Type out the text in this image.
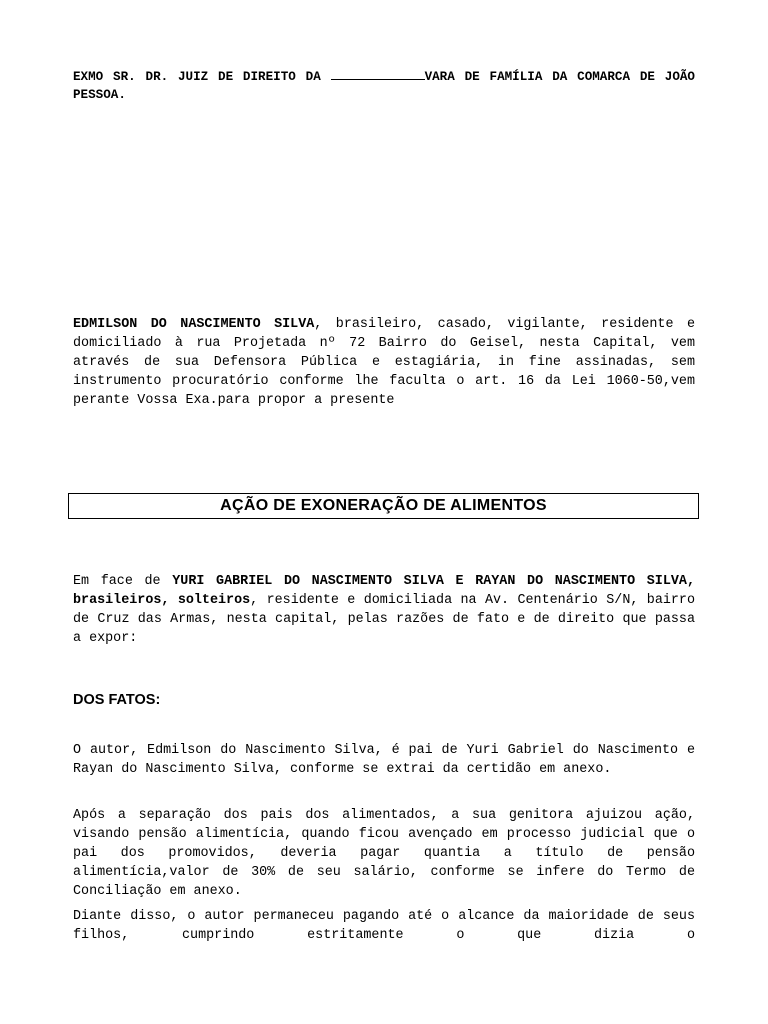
EXMO SR. DR. JUIZ DE DIREITO DA	VARA DE FAMÍLIA DA COMARCA DE JOÃO PESSOA.
EDMILSON DO NASCIMENTO SILVA, brasileiro, casado, vigilante, residente e domiciliado à rua Projetada nº 72 Bairro do Geisel, nesta Capital, vem através de sua Defensora Pública e estagiária, in fine assinadas, sem instrumento procuratório conforme lhe faculta o art. 16 da Lei 1060-50,vem perante Vossa Exa.para propor a presente
AÇÃO DE EXONERAÇÃO DE ALIMENTOS
Em face de YURI GABRIEL DO NASCIMENTO SILVA E RAYAN DO NASCIMENTO SILVA, brasileiros, solteiros, residente e domiciliada na Av. Centenário S/N, bairro de Cruz das Armas, nesta capital, pelas razões de fato e de direito que passa a expor:
DOS FATOS:

O autor, Edmilson do Nascimento Silva, é pai de Yuri Gabriel do Nascimento e Rayan do Nascimento Silva, conforme se extrai da certidão em anexo.

Após a separação dos pais dos alimentados, a sua genitora ajuizou ação, visando pensão alimentícia, quando ficou avençado em processo judicial que o pai dos promovidos, deveria pagar quantia a título de pensão alimentícia,valor de 30% de seu salário, conforme se infere do Termo de Conciliação em anexo.

Diante disso, o autor permaneceu pagando até o alcance da maioridade de seus filhos, cumprindo estritamente o que dizia o
